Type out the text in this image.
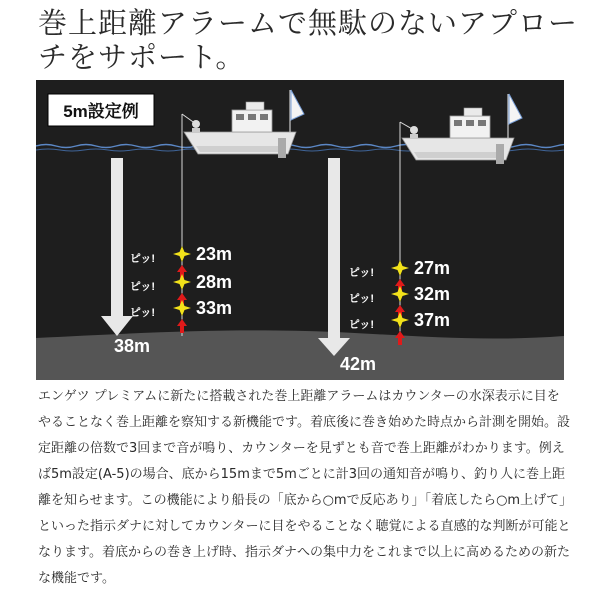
巻上距離アラームで無駄のないアプローチをサポート。
5m設定例
ピッ! 23m
ピッ! 28m
ピッ! 33m
38m
ピッ! 27m
ピッ! 32m
ピッ! 37m
42m

エンゲツ プレミアムに新たに搭載された巻上距離アラームはカウンターの水深表示に目をやることなく巻上距離を察知する新機能です。着底後に巻き始めた時点から計測を開始。設定距離の倍数で3回まで音が鳴り、カウンターを見ずとも音で巻上距離がわかります。例えば5m設定(A-5)の場合、底から15mまで5mごとに計3回の通知音が鳴り、釣り人に巻上距離を知らせます。この機能により船長の「底から○mで反応あり」「着底したら○m上げて」といった指示ダナに対してカウンターに目をやることなく聴覚による直感的な判断が可能となります。着底からの巻き上げ時、指示ダナへの集中力をこれまで以上に高めるための新たな機能です。
